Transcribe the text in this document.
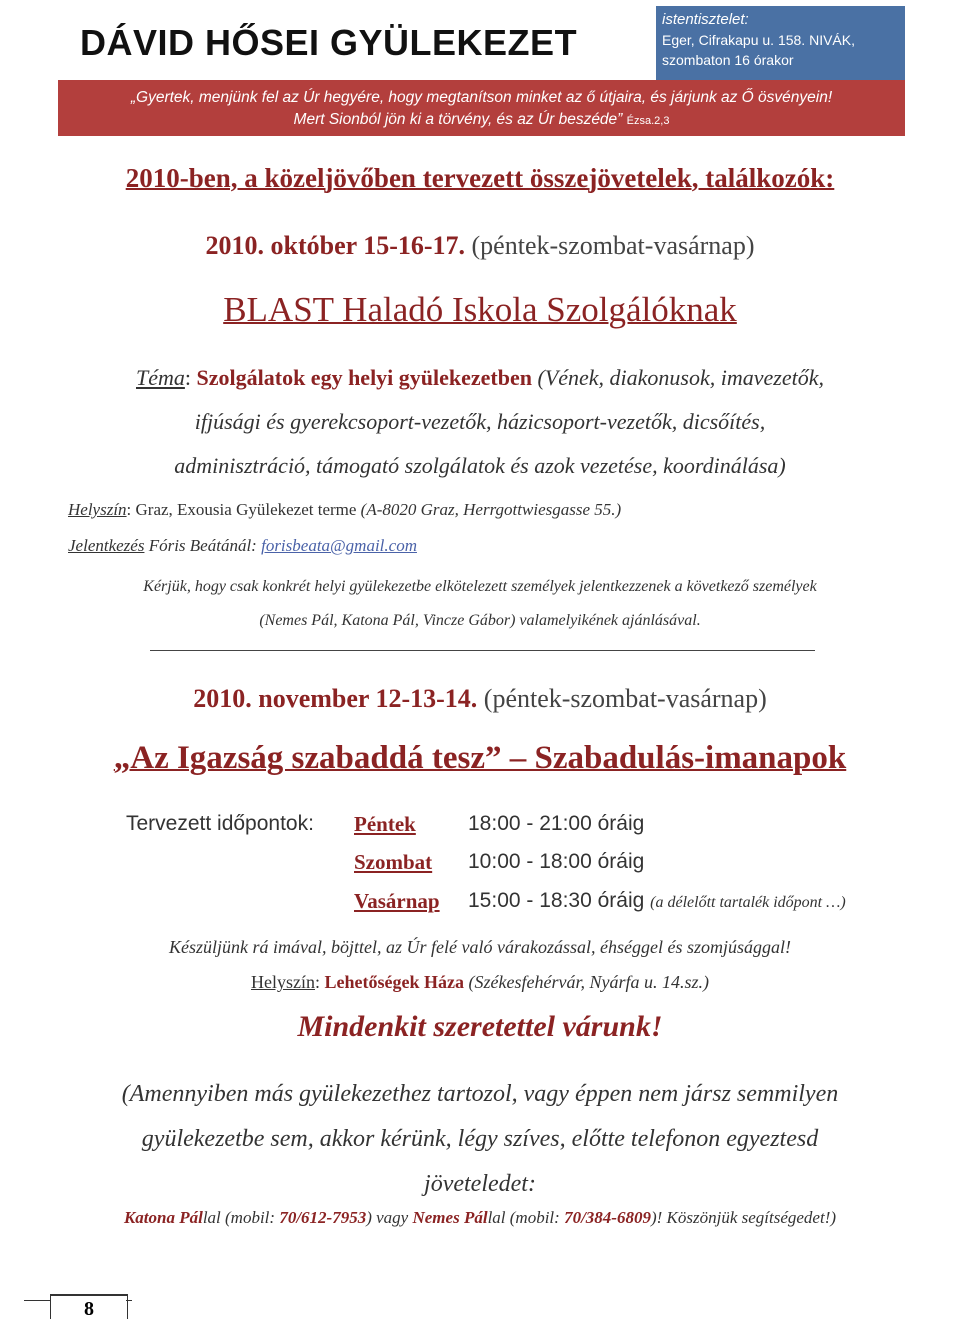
DÁVID HŐSEI GYÜLEKEZET
istentisztelet:
Eger, Cifrakapu u. 158. NIVÁK,
szombaton 16 órakor
„Gyertek, menjünk fel az Úr hegyére, hogy megtanítson minket az ő útjaira, és járjunk az Ő ösvényein!
Mert Sionból jön ki a törvény, és az Úr beszéde” Ézsa.2,3
2010-ben, a közeljövőben tervezett összejövetelek, találkozók:
2010. október 15-16-17. (péntek-szombat-vasárnap)
BLAST Haladó Iskola Szolgálóknak
Téma: Szolgálatok egy helyi gyülekezetben (Vének, diakonusok, imavezetők,
ifjúsági és gyerekcsoport-vezetők, házicsoport-vezetők, dicsőítés,
adminisztráció, támogató szolgálatok és azok vezetése, koordinálása)
Helyszín: Graz, Exousia Gyülekezet terme (A-8020 Graz, Herrgottwiesgasse 55.)
Jelentkezés Fóris Beátánál: forisbeata@gmail.com
Kérjük, hogy csak konkrét helyi gyülekezetbe elkötelezett személyek jelentkezzenek a következő személyek
(Nemes Pál, Katona Pál, Vincze Gábor) valamelyikének ajánlásával.
2010. november 12-13-14. (péntek-szombat-vasárnap)
„Az Igazság szabaddá tesz” – Szabadulás-imanapok
Tervezett időpontok: Péntek 18:00 - 21:00 óráig
Szombat 10:00 - 18:00 óráig
Vasárnap 15:00 - 18:30 óráig (a délelőtt tartalék időpont …)
Készüljünk rá imával, böjttel, az Úr felé való várakozással, éhséggel és szomjúsággal!
Helyszín: Lehetőségek Háza (Székesfehérvár, Nyárfa u. 14.sz.)
Mindenkit szeretettel várunk!
(Amennyiben más gyülekezethez tartozol, vagy éppen nem jársz semmilyen
gyülekezetbe sem, akkor kérünk, légy szíves, előtte telefonon egyeztesd
jöveteledet:
Katona Pállal (mobil: 70/612-7953) vagy Nemes Pállal (mobil: 70/384-6809)! Köszönjük segítségedet!)
8
